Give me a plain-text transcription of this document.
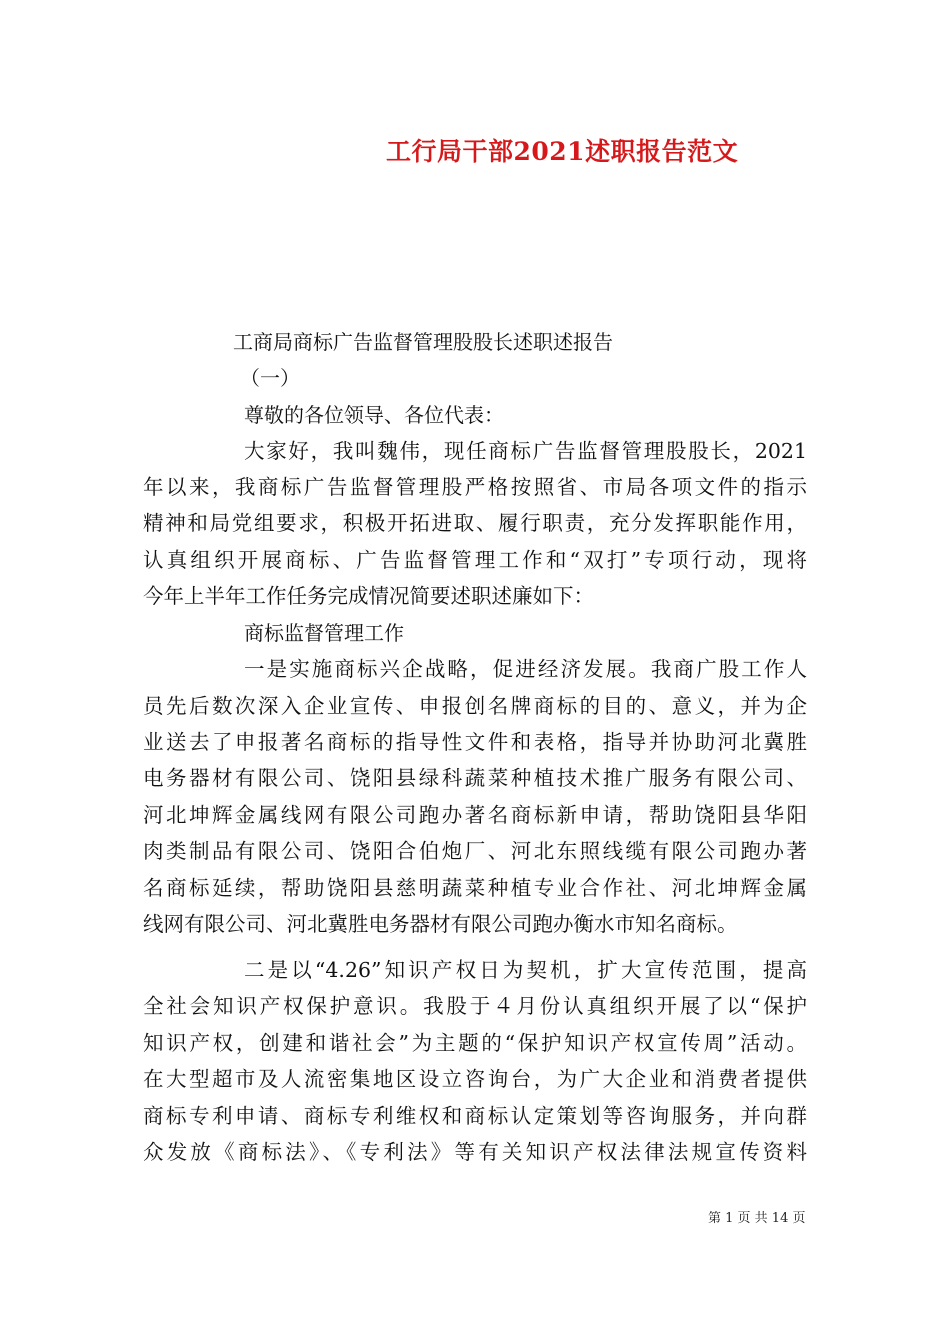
工行局干部2021述职报告范文

工商局商标广告监督管理股股长述职述报告

（一）

尊敬的各位领导、各位代表：

大家好，我叫魏伟，现任商标广告监督管理股股长，2021

年以来，我商标广告监督管理股严格按照省、市局各项文件的指示

精神和局党组要求，积极开拓进取、履行职责，充分发挥职能作用，

认真组织开展商标、广告监督管理工作和“双打”专项行动，现将

今年上半年工作任务完成情况简要述职述廉如下：

商标监督管理工作

一是实施商标兴企战略，促进经济发展。我商广股工作人

员先后数次深入企业宣传、申报创名牌商标的目的、意义，并为企

业送去了申报著名商标的指导性文件和表格，指导并协助河北冀胜

电务器材有限公司、饶阳县绿科蔬菜种植技术推广服务有限公司、

河北坤辉金属线网有限公司跑办著名商标新申请，帮助饶阳县华阳

肉类制品有限公司、饶阳合伯炮厂、河北东照线缆有限公司跑办著

名商标延续，帮助饶阳县慈明蔬菜种植专业合作社、河北坤辉金属

线网有限公司、河北冀胜电务器材有限公司跑办衡水市知名商标。

二是以“4.26”知识产权日为契机，扩大宣传范围，提高

全社会知识产权保护意识。我股于４月份认真组织开展了以“保护

知识产权，创建和谐社会”为主题的“保护知识产权宣传周”活动。

在大型超市及人流密集地区设立咨询台，为广大企业和消费者提供

商标专利申请、商标专利维权和商标认定策划等咨询服务，并向群

众发放《商标法》、《专利法》等有关知识产权法律法规宣传资料

第 1 页 共 14 页
